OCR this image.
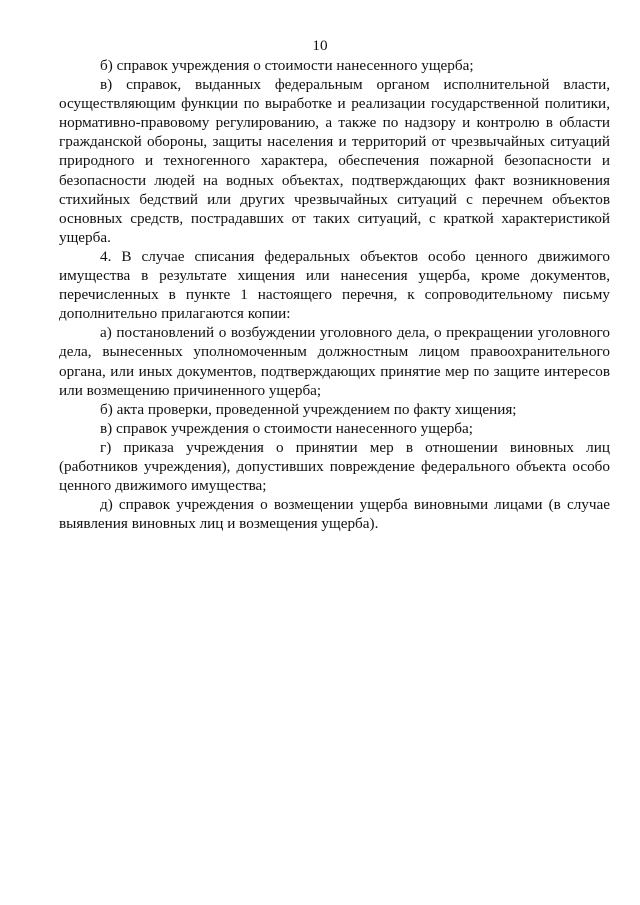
10

б) справок учреждения о стоимости нанесенного ущерба;

в) справок, выданных федеральным органом исполнительной власти, осуществляющим функции по выработке и реализации государственной политики, нормативно-правовому регулированию, а также по надзору и контролю в области гражданской обороны, защиты населения и территорий от чрезвычайных ситуаций природного и техногенного характера, обеспечения пожарной безопасности и безопасности людей на водных объектах, подтверждающих факт возникновения стихийных бедствий или других чрезвычайных ситуаций с перечнем объектов основных средств, пострадавших от таких ситуаций, с краткой характеристикой ущерба.

4. В случае списания федеральных объектов особо ценного движимого имущества в результате хищения или нанесения ущерба, кроме документов, перечисленных в пункте 1 настоящего перечня, к сопроводительному письму дополнительно прилагаются копии:

а) постановлений о возбуждении уголовного дела, о прекращении уголовного дела, вынесенных уполномоченным должностным лицом правоохранительного органа, или иных документов, подтверждающих принятие мер по защите интересов или возмещению причиненного ущерба;

б) акта проверки, проведенной учреждением по факту хищения;

в) справок учреждения о стоимости нанесенного ущерба;

г) приказа учреждения о принятии мер в отношении виновных лиц (работников учреждения), допустивших повреждение федерального объекта особо ценного движимого имущества;

д) справок учреждения о возмещении ущерба виновными лицами (в случае выявления виновных лиц и возмещения ущерба).
